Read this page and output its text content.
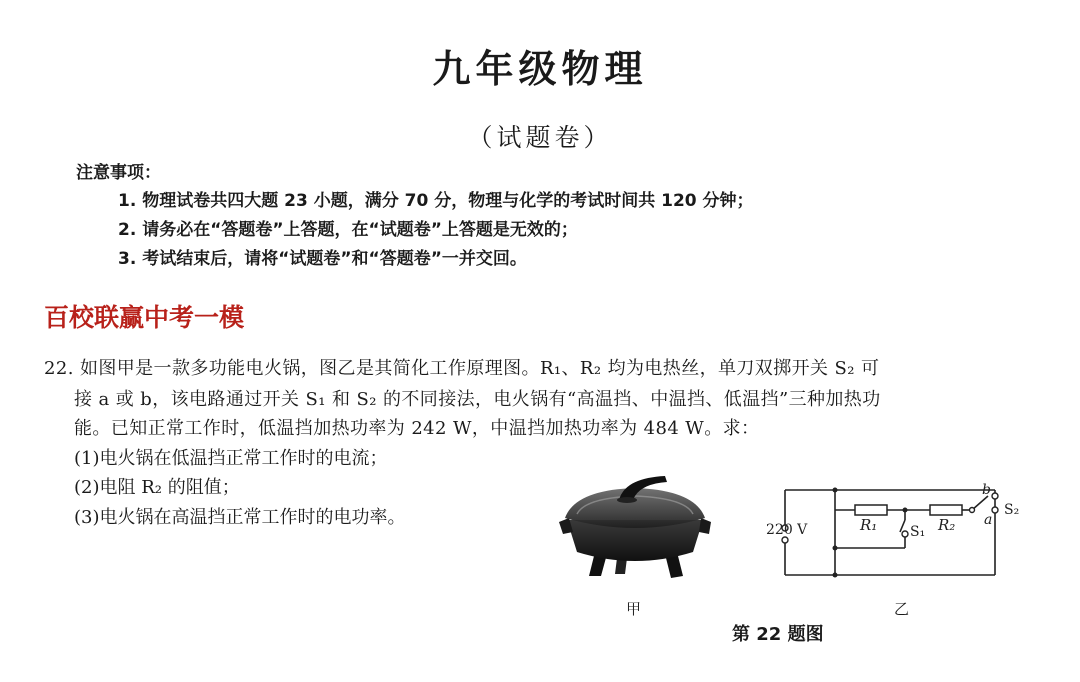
九年级物理
（试题卷）
注意事项：
1. 物理试卷共四大题 23 小题，满分 70 分，物理与化学的考试时间共 120 分钟；
2. 请务必在“答题卷”上答题，在“试题卷”上答题是无效的；
3. 考试结束后，请将“试题卷”和“答题卷”一并交回。
百校联赢中考一模
22. 如图甲是一款多功能电火锅，图乙是其简化工作原理图。R₁、R₂ 均为电热丝，单刀双掷开关 S₂ 可
接 a 或 b，该电路通过开关 S₁ 和 S₂ 的不同接法，电火锅有“高温挡、中温挡、低温挡”三种加热功
能。已知正常工作时，低温挡加热功率为 242 W，中温挡加热功率为 484 W。求：
(1)电火锅在低温挡正常工作时的电流；
(2)电阻 R₂ 的阻值；
(3)电火锅在高温挡正常工作时的电功率。
甲
220 V	R₁ S₁ R₂
b
a
S₂
乙
第 22 题图
